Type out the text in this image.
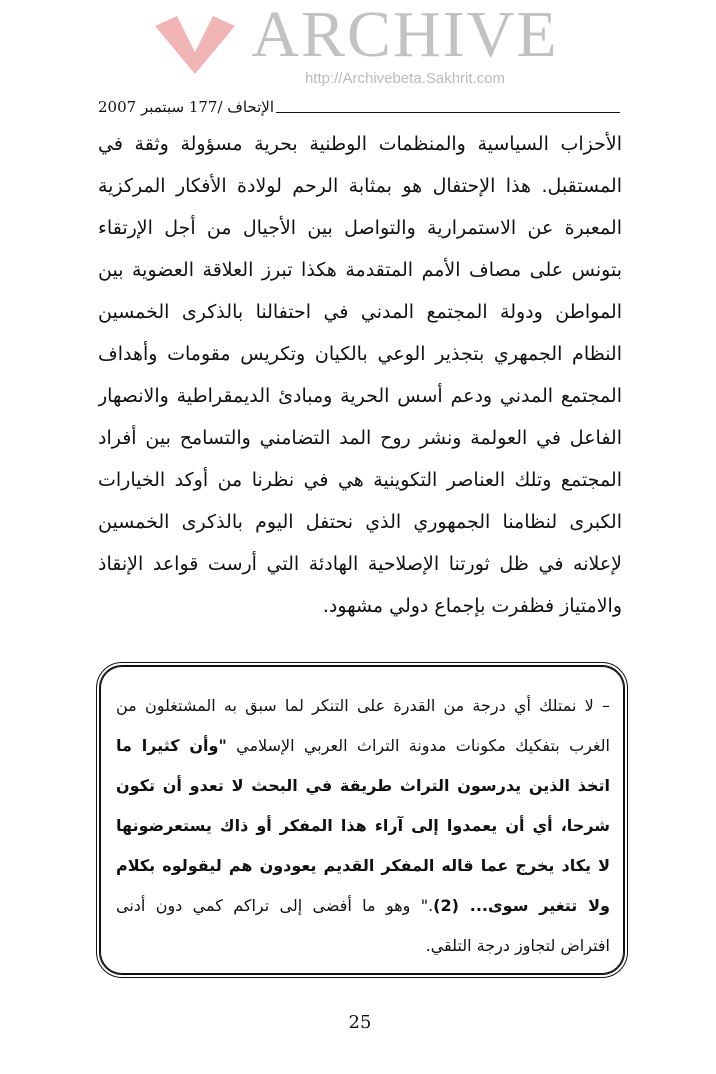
ARCHIVE
http://Archivebeta.Sakhrit.com
الإتحاف /177 سبتمبر 2007
الأحزاب السياسية والمنظمات الوطنية بحرية مسؤولة وثقة في
المستقبل. هذا الإحتفال هو بمثابة الرحم لولادة الأفكار المركزية
المعبرة عن الاستمرارية والتواصل بين الأجيال من أجل الإرتقاء
بتونس على مصاف الأمم المتقدمة هكذا تبرز العلاقة العضوية بين
المواطن ودولة المجتمع المدني في احتفالنا بالذكرى الخمسين
النظام الجمهري بتجذير الوعي بالكيان وتكريس مقومات وأهداف
المجتمع المدني ودعم أسس الحرية ومبادئ الديمقراطية والانصهار
الفاعل في العولمة ونشر روح المد التضامني والتسامح بين أفراد
المجتمع وتلك العناصر التكوينية هي في نظرنا من أوكد الخيارات
الكبرى لنظامنا الجمهوري الذي نحتفل اليوم بالذكرى الخمسين
لإعلانه في ظل ثورتنا الإصلاحية الهادئة التي أرست قواعد الإنقاذ
والامتياز فظفرت بإجماع دولي مشهود.
– لا نمتلك أي درجة من القدرة على التنكر لما سبق به المشتغلون من
الغرب بتفكيك مكونات مدونة التراث العربي الإسلامي "وأن كثيرا ما
اتخذ الذين يدرسون التراث طريقة في البحث لا تعدو أن تكون
شرحا، أي أن يعمدوا إلى آراء هذا المفكر أو ذاك يستعرضونها
لا يكاد يخرج عما قاله المفكر القديم يعودون هم ليقولوه بكلام
ولا تتغير سوى... (2)." وهو ما أفضى إلى تراكم كمي دون أدنى
افتراض لتجاوز درجة التلقي.
25
